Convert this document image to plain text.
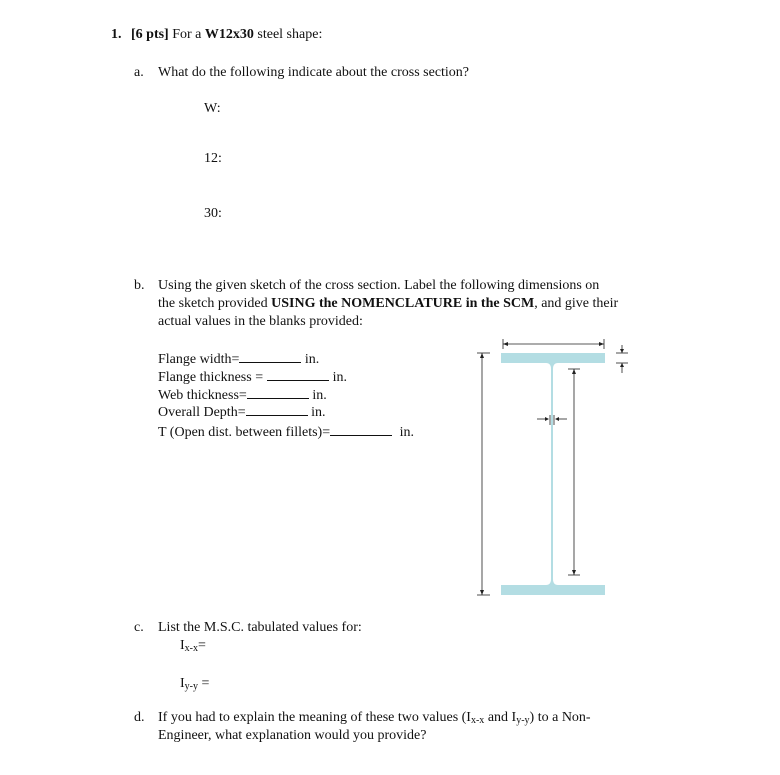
1. [6 pts] For a W12x30 steel shape:
a. What do the following indicate about the cross section?
W:
12:
30:
b. Using the given sketch of the cross section. Label the following dimensions on
the sketch provided USING the NOMENCLATURE in the SCM, and give their
actual values in the blanks provided:
Flange width=	in.
Flange thickness =	in.
Web thickness=	in.
Overall Depth=	in.
T (Open dist. between fillets)=	in.
c. List the M.S.C. tabulated values for:
$I_{x-x}=$
$I_{y-y}$ =
d. If you had to explain the meaning of these two values ($I_{x-x}$ and $I_{y-y}$) to a Non-
Engineer, what explanation would you provide?
